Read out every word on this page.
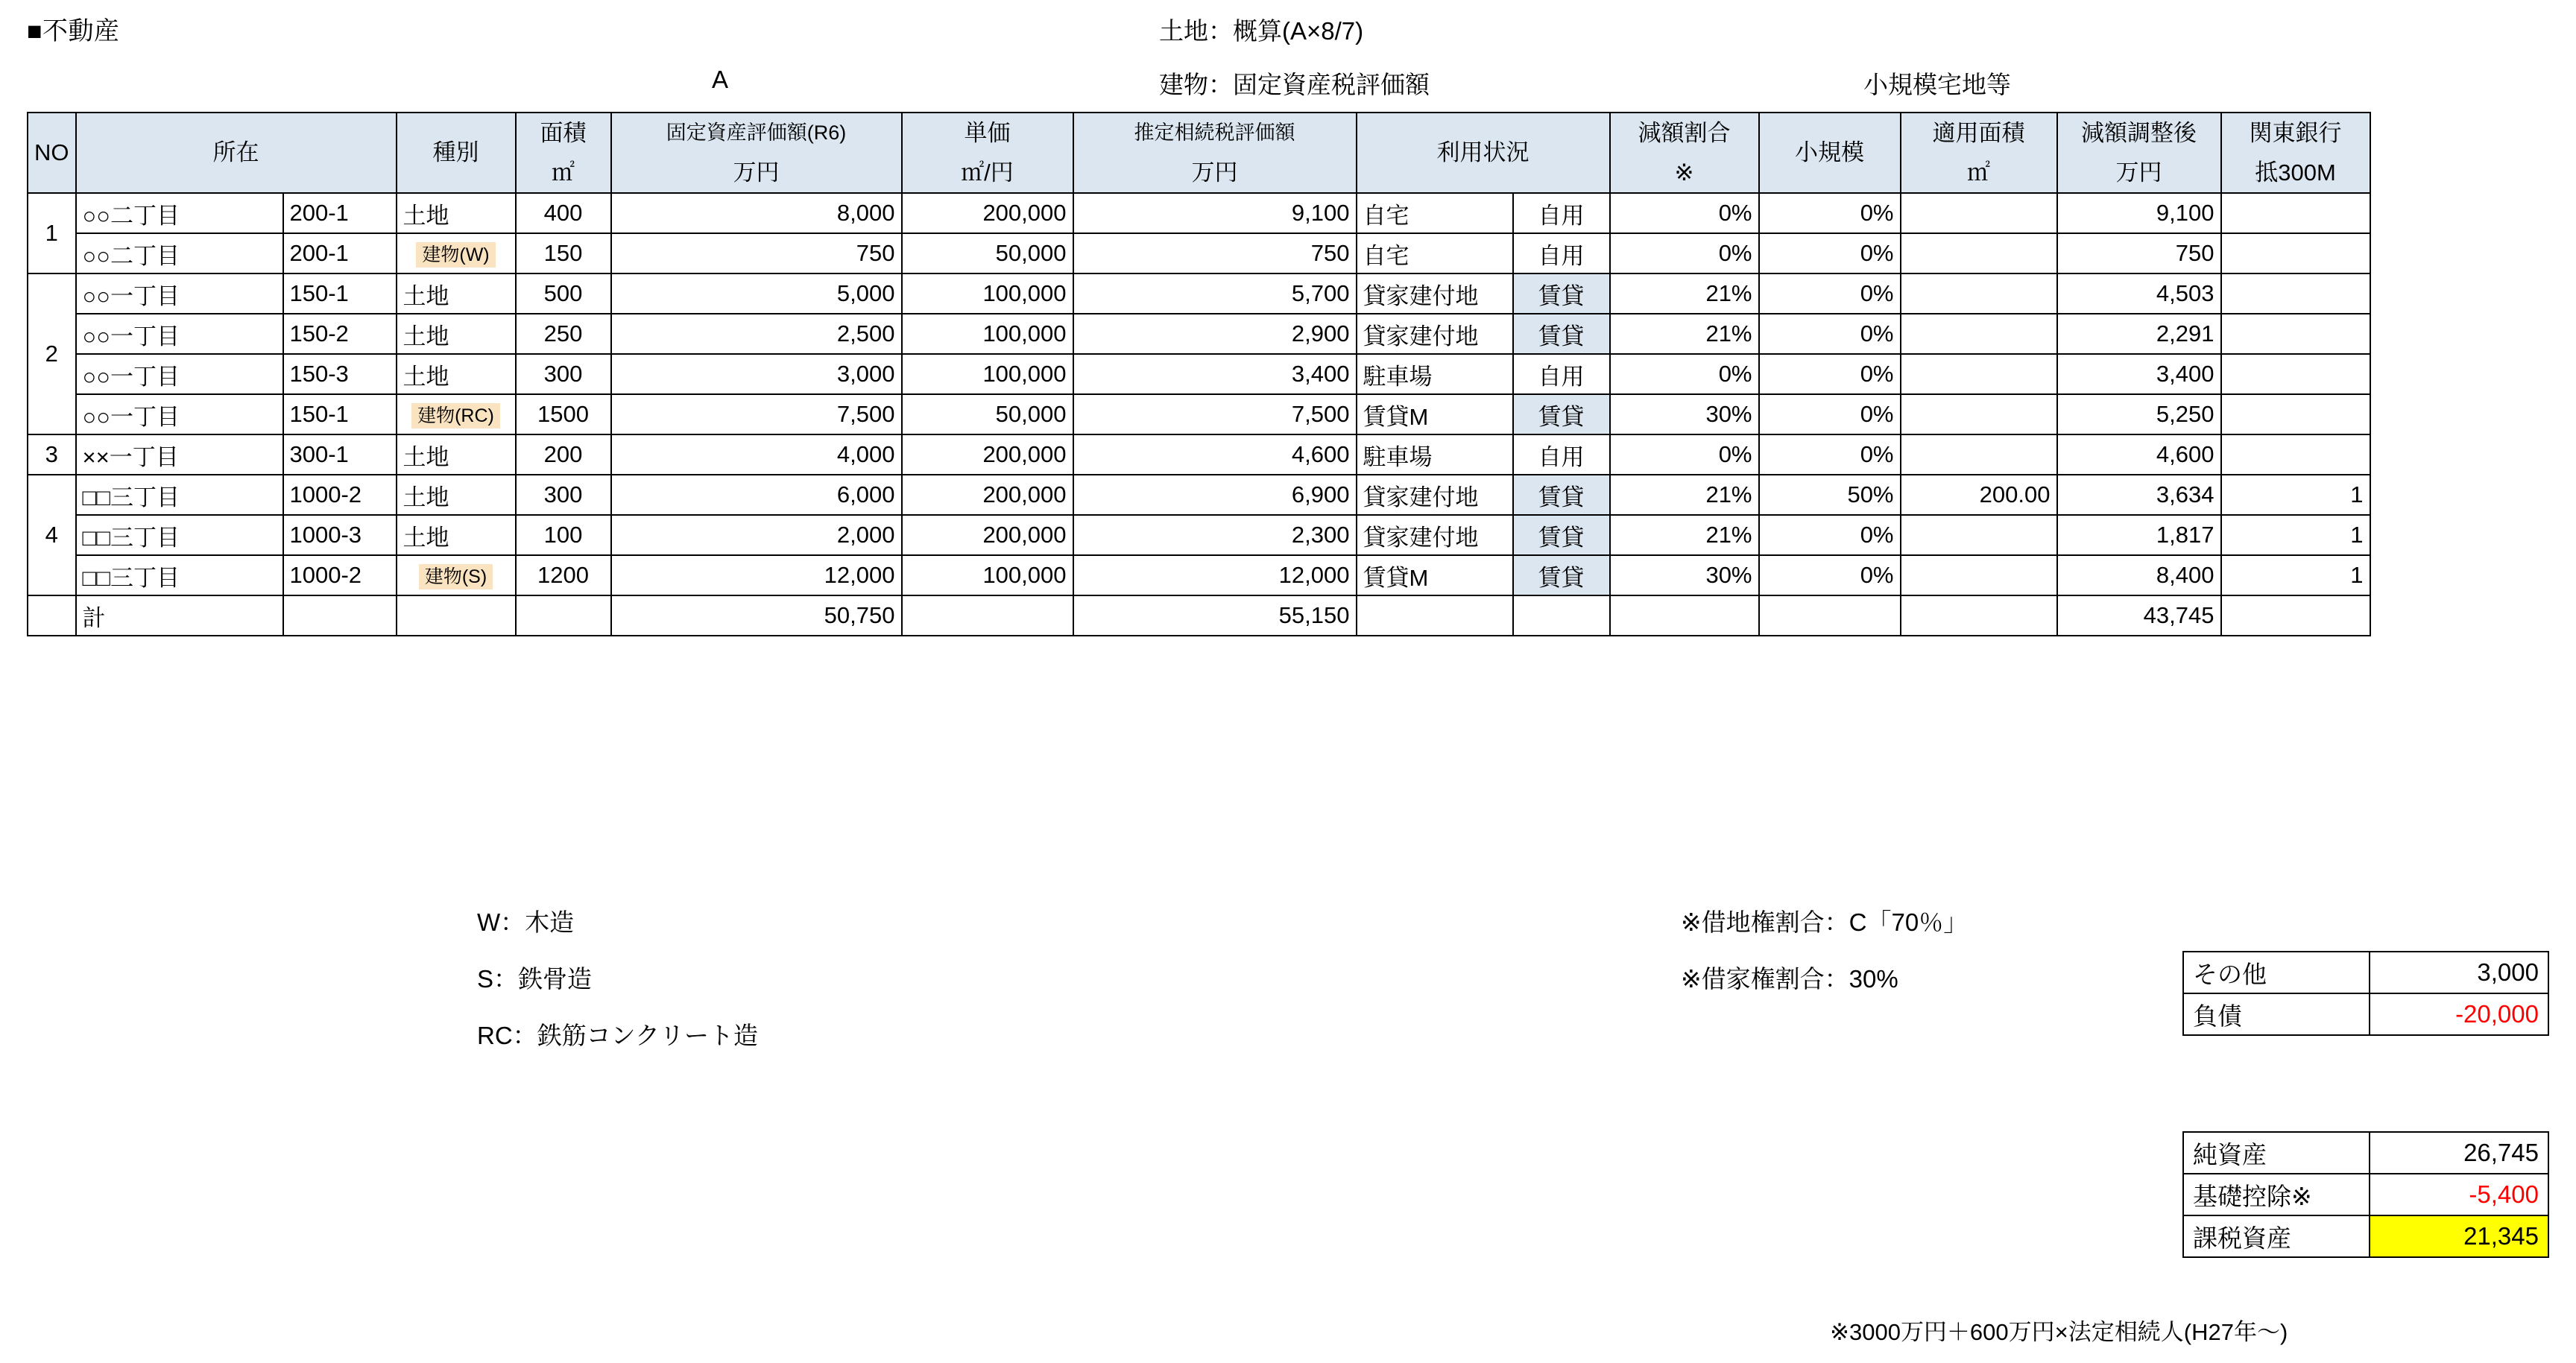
■不動産	土地：概算(A×8/7)
A	建物：固定資産税評価額	小規模宅地等
NO	所在		種別	面積	固定資産評価額(R6)	単価	推定相続税評価額	利用状況		減額割合	小規模	適用面積	減額調整後	関東銀行
				㎡	万円	㎡/円	万円			※		㎡	万円	抵300M
1	○○二丁目	200-1	土地	400	8,000	200,000	9,100	自宅	自用	0%	0%		9,100	
	○○二丁目	200-1	建物(W)	150	750	50,000	750	自宅	自用	0%	0%		750	
2	○○一丁目	150-1	土地	500	5,000	100,000	5,700	貸家建付地	賃貸	21%	0%		4,503	
	○○一丁目	150-2	土地	250	2,500	100,000	2,900	貸家建付地	賃貸	21%	0%		2,291	
	○○一丁目	150-3	土地	300	3,000	100,000	3,400	駐車場	自用	0%	0%		3,400	
	○○一丁目	150-1	建物(RC)	1500	7,500	50,000	7,500	賃貸M	賃貸	30%	0%		5,250	
3	××一丁目	300-1	土地	200	4,000	200,000	4,600	駐車場	自用	0%	0%		4,600	
4	□□三丁目	1000-2	土地	300	6,000	200,000	6,900	貸家建付地	賃貸	21%	50%	200.00	3,634	1
	□□三丁目	1000-3	土地	100	2,000	200,000	2,300	貸家建付地	賃貸	21%	0%		1,817	1
	□□三丁目	1000-2	建物(S)	1200	12,000	100,000	12,000	賃貸M	賃貸	30%	0%		8,400	1
	計				50,750		55,150						43,745	
W：木造
S：鉄骨造
RC：鉄筋コンクリート造
※借地権割合：C「70％」
※借家権割合：30%	その他	3,000
負債	-20,000
純資産	26,745
基礎控除※	-5,400
課税資産	21,345
※3000万円＋600万円×法定相続人(H27年～)
